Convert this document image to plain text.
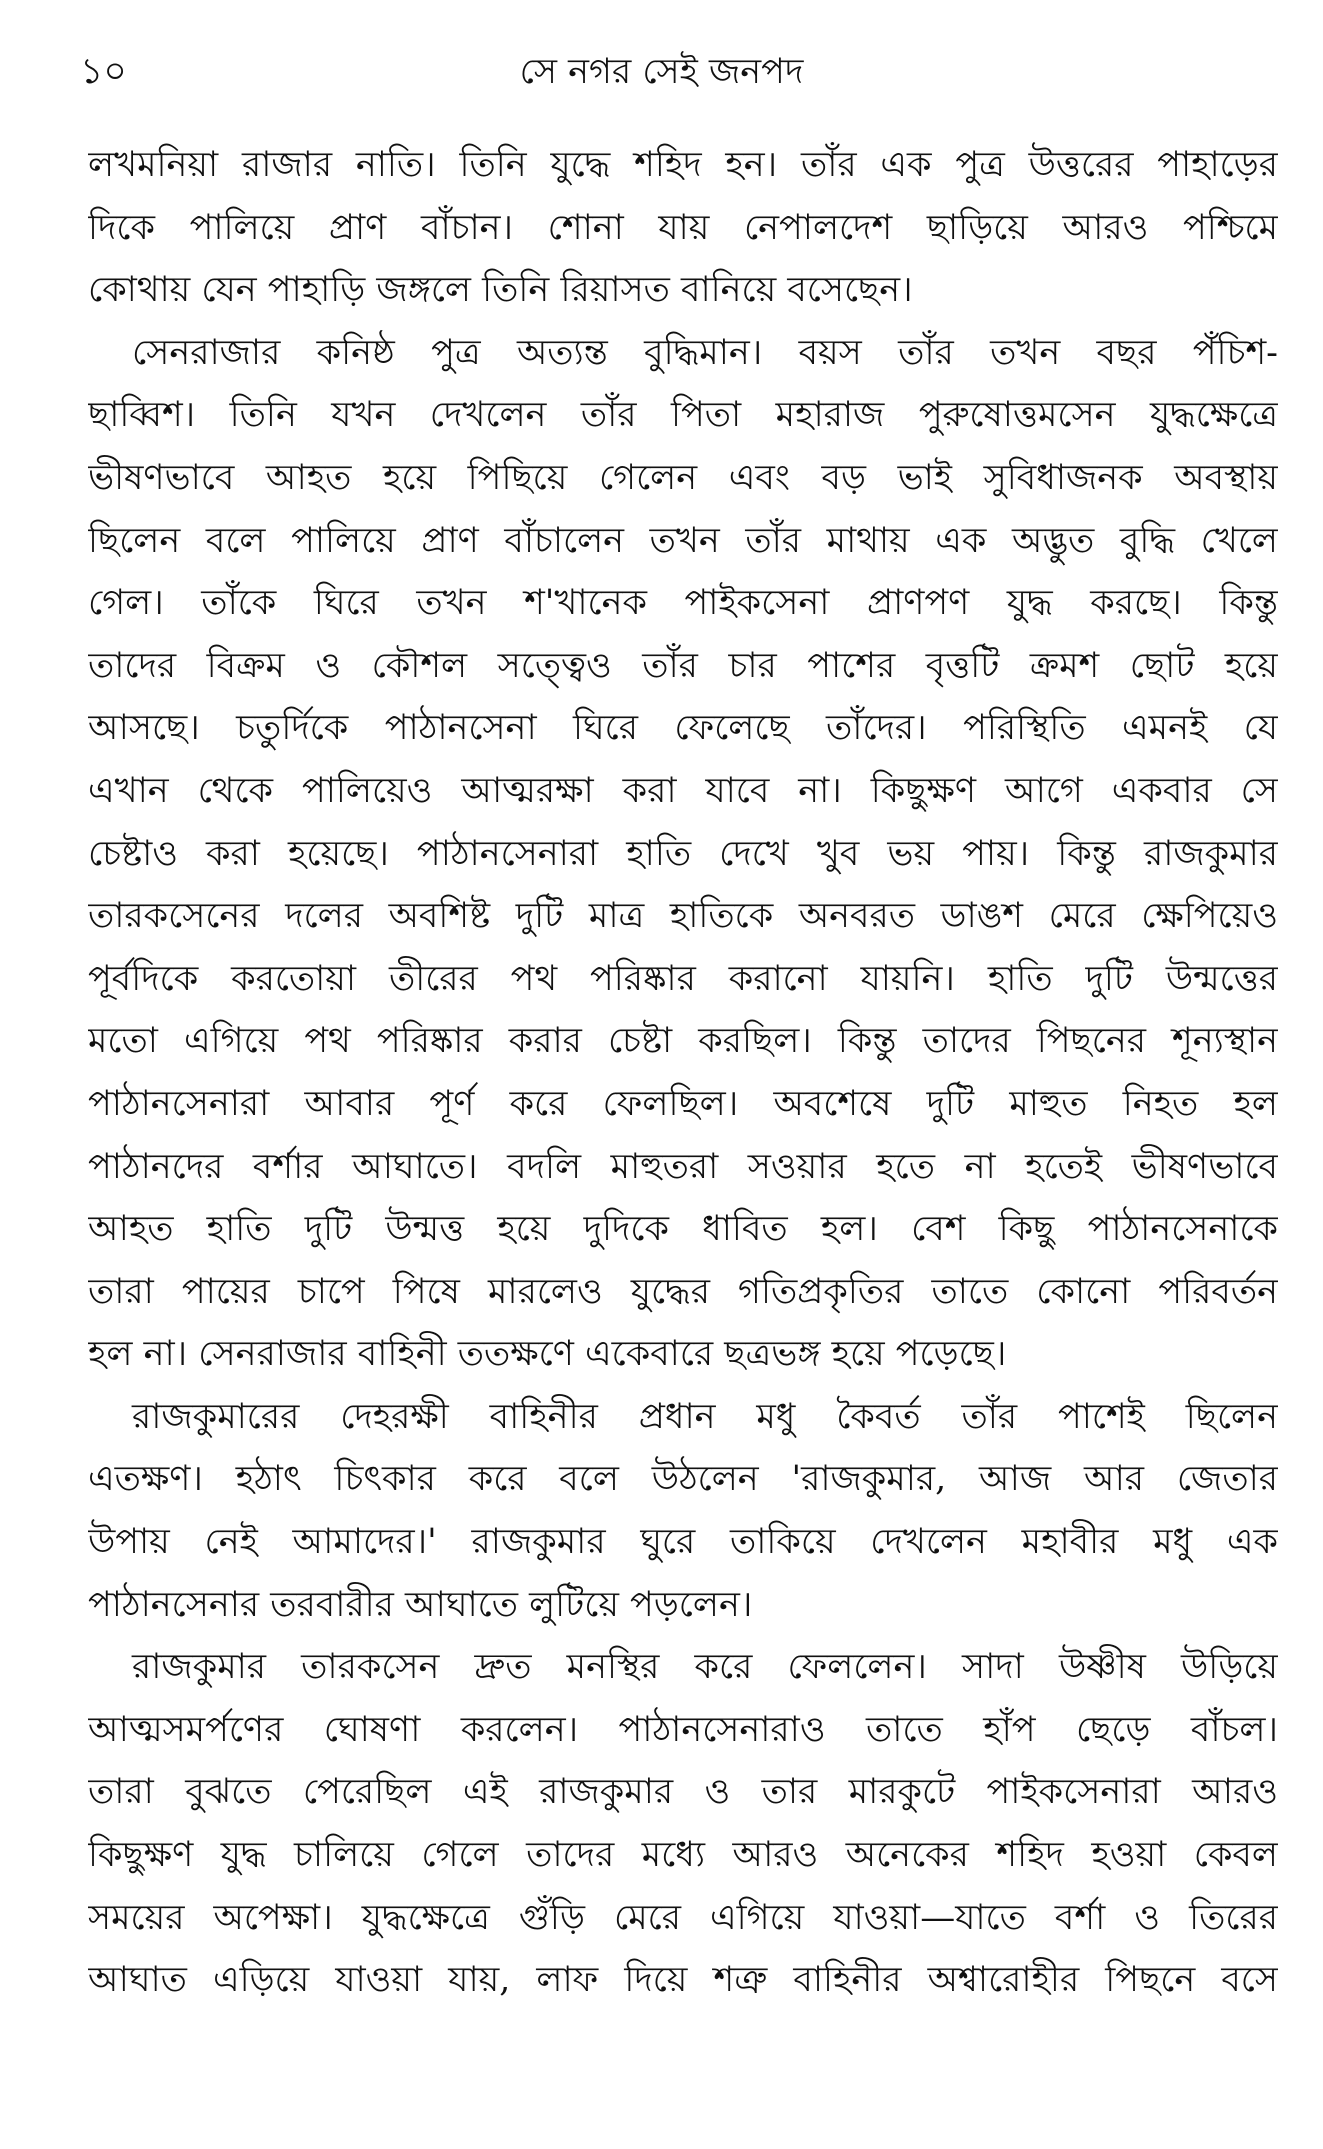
১০	সে নগর সেই জনপদ
লখমনিয়া রাজার নাতি। তিনি যুদ্ধে শহিদ হন। তাঁর এক পুত্র উত্তরের পাহাড়ের
দিকে পালিয়ে প্রাণ বাঁচান। শোনা যায় নেপালদেশ ছাড়িয়ে আরও পশ্চিমে
কোথায় যেন পাহাড়ি জঙ্গলে তিনি রিয়াসত বানিয়ে বসেছেন।
সেনরাজার কনিষ্ঠ পুত্র অত্যন্ত বুদ্ধিমান। বয়স তাঁর তখন বছর পঁচিশ-
ছাব্বিশ। তিনি যখন দেখলেন তাঁর পিতা মহারাজ পুরুষোত্তমসেন যুদ্ধক্ষেত্রে
ভীষণভাবে আহত হয়ে পিছিয়ে গেলেন এবং বড় ভাই সুবিধাজনক অবস্থায়
ছিলেন বলে পালিয়ে প্রাণ বাঁচালেন তখন তাঁর মাথায় এক অদ্ভুত বুদ্ধি খেলে
গেল। তাঁকে ঘিরে তখন শ'খানেক পাইকসেনা প্রাণপণ যুদ্ধ করছে। কিন্তু
তাদের বিক্রম ও কৌশল সত্ত্বেও তাঁর চার পাশের বৃত্তটি ক্রমশ ছোট হয়ে
আসছে। চতুর্দিকে পাঠানসেনা ঘিরে ফেলেছে তাঁদের। পরিস্থিতি এমনই যে
এখান থেকে পালিয়েও আত্মরক্ষা করা যাবে না। কিছুক্ষণ আগে একবার সে
চেষ্টাও করা হয়েছে। পাঠানসেনারা হাতি দেখে খুব ভয় পায়। কিন্তু রাজকুমার
তারকসেনের দলের অবশিষ্ট দুটি মাত্র হাতিকে অনবরত ডাঙশ মেরে ক্ষেপিয়েও
পূর্বদিকে করতোয়া তীরের পথ পরিষ্কার করানো যায়নি। হাতি দুটি উন্মত্তের
মতো এগিয়ে পথ পরিষ্কার করার চেষ্টা করছিল। কিন্তু তাদের পিছনের শূন্যস্থান
পাঠানসেনারা আবার পূর্ণ করে ফেলছিল। অবশেষে দুটি মাহুত নিহত হল
পাঠানদের বর্শার আঘাতে। বদলি মাহুতরা সওয়ার হতে না হতেই ভীষণভাবে
আহত হাতি দুটি উন্মত্ত হয়ে দুদিকে ধাবিত হল। বেশ কিছু পাঠানসেনাকে
তারা পায়ের চাপে পিষে মারলেও যুদ্ধের গতিপ্রকৃতির তাতে কোনো পরিবর্তন
হল না। সেনরাজার বাহিনী ততক্ষণে একেবারে ছত্রভঙ্গ হয়ে পড়েছে।
রাজকুমারের দেহরক্ষী বাহিনীর প্রধান মধু কৈবর্ত তাঁর পাশেই ছিলেন
এতক্ষণ। হঠাৎ চিৎকার করে বলে উঠলেন 'রাজকুমার, আজ আর জেতার
উপায় নেই আমাদের।' রাজকুমার ঘুরে তাকিয়ে দেখলেন মহাবীর মধু এক
পাঠানসেনার তরবারীর আঘাতে লুটিয়ে পড়লেন।
রাজকুমার তারকসেন দ্রুত মনস্থির করে ফেললেন। সাদা উষ্ণীষ উড়িয়ে
আত্মসমর্পণের ঘোষণা করলেন। পাঠানসেনারাও তাতে হাঁপ ছেড়ে বাঁচল।
তারা বুঝতে পেরেছিল এই রাজকুমার ও তার মারকুটে পাইকসেনারা আরও
কিছুক্ষণ যুদ্ধ চালিয়ে গেলে তাদের মধ্যে আরও অনেকের শহিদ হওয়া কেবল
সময়ের অপেক্ষা। যুদ্ধক্ষেত্রে গুঁড়ি মেরে এগিয়ে যাওয়া—যাতে বর্শা ও তিরের
আঘাত এড়িয়ে যাওয়া যায়, লাফ দিয়ে শত্রু বাহিনীর অশ্বারোহীর পিছনে বসে
